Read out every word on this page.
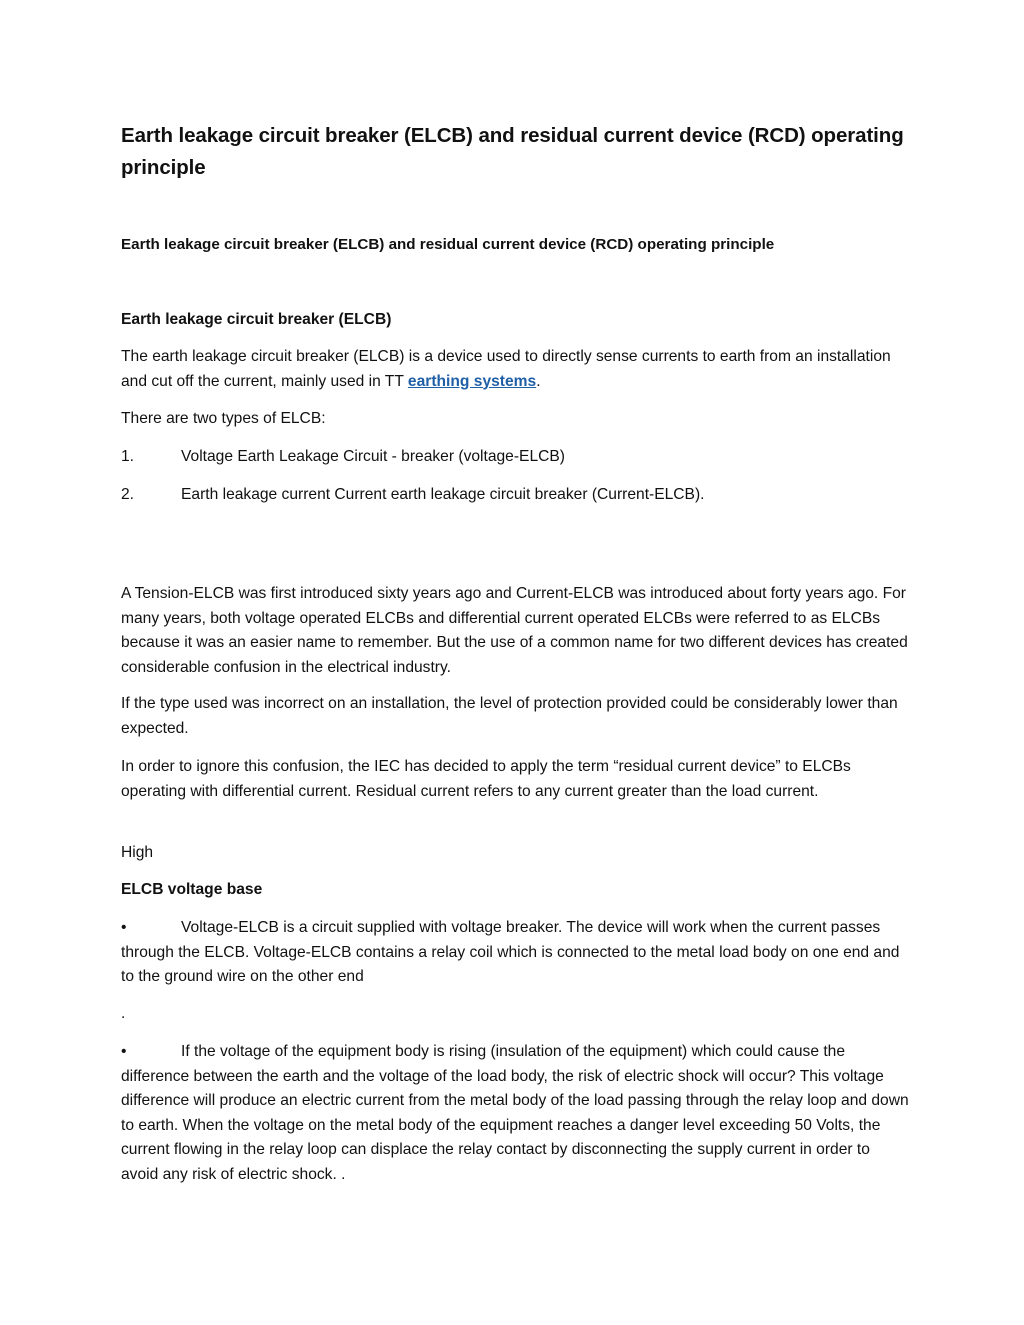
Earth leakage circuit breaker (ELCB) and residual current device (RCD) operating principle
Earth leakage circuit breaker (ELCB) and residual current device (RCD) operating principle
Earth leakage circuit breaker (ELCB)
The earth leakage circuit breaker (ELCB) is a device used to directly sense currents to earth from an installation and cut off the current, mainly used in TT earthing systems.
There are two types of ELCB:
1.	Voltage Earth Leakage Circuit - breaker (voltage-ELCB)
2.	Earth leakage current Current earth leakage circuit breaker (Current-ELCB).
A Tension-ELCB was first introduced sixty years ago and Current-ELCB was introduced about forty years ago. For many years, both voltage operated ELCBs and differential current operated ELCBs were referred to as ELCBs because it was an easier name to remember. But the use of a common name for two different devices has created considerable confusion in the electrical industry.
If the type used was incorrect on an installation, the level of protection provided could be considerably lower than expected.
In order to ignore this confusion, the IEC has decided to apply the term “residual current device” to ELCBs operating with differential current. Residual current refers to any current greater than the load current.
High
ELCB voltage base
•	Voltage-ELCB is a circuit supplied with voltage breaker. The device will work when the current passes through the ELCB. Voltage-ELCB contains a relay coil which is connected to the metal load body on one end and to the ground wire on the other end
.
•	If the voltage of the equipment body is rising (insulation of the equipment) which could cause the difference between the earth and the voltage of the load body, the risk of electric shock will occur? This voltage difference will produce an electric current from the metal body of the load passing through the relay loop and down to earth. When the voltage on the metal body of the equipment reaches a danger level exceeding 50 Volts, the current flowing in the relay loop can displace the relay contact by disconnecting the supply current in order to avoid any risk of electric shock. .
